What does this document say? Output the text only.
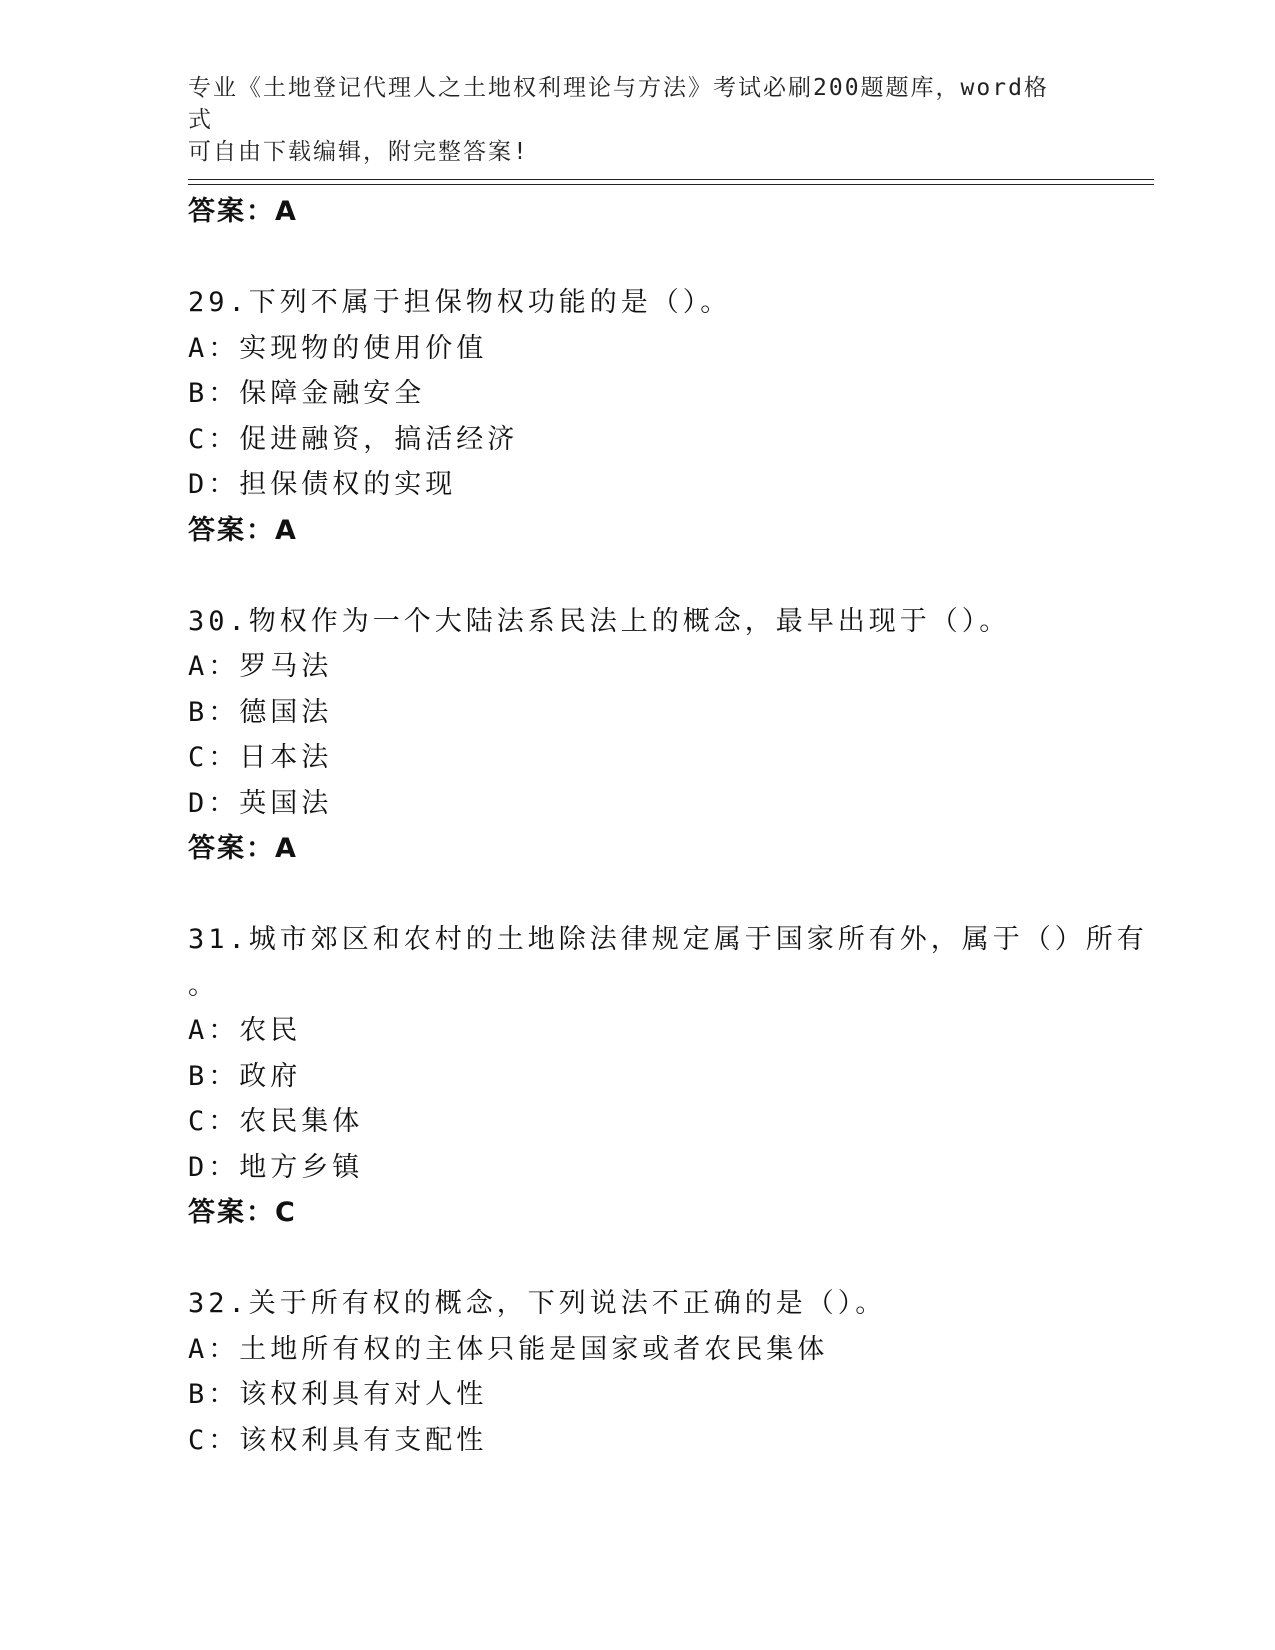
专业《土地登记代理人之土地权利理论与方法》考试必刷200题题库，word格式
可自由下载编辑，附完整答案!
答案：A
29.下列不属于担保物权功能的是（）。
A：实现物的使用价值
B：保障金融安全
C：促进融资，搞活经济
D：担保债权的实现
答案：A
30.物权作为一个大陆法系民法上的概念，最早出现于（）。
A：罗马法
B：德国法
C：日本法
D：英国法
答案：A
31.城市郊区和农村的土地除法律规定属于国家所有外，属于（）所有
。
A：农民
B：政府
C：农民集体
D：地方乡镇
答案：C
32.关于所有权的概念，下列说法不正确的是（）。
A：土地所有权的主体只能是国家或者农民集体
B：该权利具有对人性
C：该权利具有支配性
